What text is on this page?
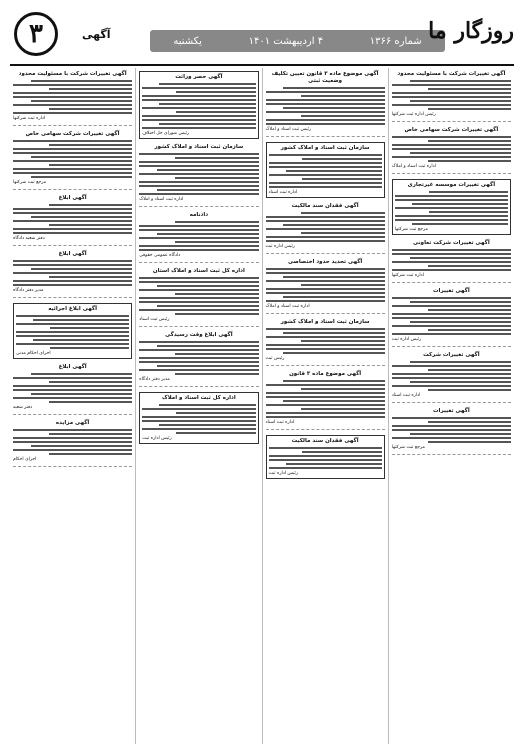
۳	آگهی	شماره ۱۳۶۶
۴ اردیبهشت ۱۴۰۱
یکشنبه	روزگار ما
آگهی تغییرات شرکت با مسئولیت محدود
رئیس اداره ثبت شرکتها
آگهی تغییرات شرکت سهامی خاص
اداره ثبت اسناد و املاک
آگهی تغییرات موسسه غیرتجاری
مرجع ثبت شرکتها
آگهی تغییرات شرکت تعاونی
اداره ثبت شرکتها
آگهی تغییرات
رئیس اداره ثبت
آگهی تغییرات شرکت
اداره ثبت اسناد
آگهی تغییرات
مرجع ثبت شرکتها
آگهی موضوع ماده ۳ قانون تعیین تکلیف وضعیت ثبتی
رئیس ثبت اسناد و املاک
سازمان ثبت اسناد و املاک کشور
اداره ثبت اسناد
آگهی فقدان سند مالکیت
رئیس اداره ثبت
آگهی تحدید حدود اختصاصی
اداره ثبت اسناد و املاک
سازمان ثبت اسناد و املاک کشور
رئیس ثبت
آگهی موضوع ماده ۳ قانون
اداره ثبت اسناد
آگهی فقدان سند مالکیت
رئیس اداره ثبت
آگهی حصر وراثت
رئیس شورای حل اختلاف
سازمان ثبت اسناد و املاک کشور
اداره ثبت اسناد و املاک
دادنامه
دادگاه عمومی حقوقی
اداره کل ثبت اسناد و املاک استان
رئیس ثبت اسناد
آگهی ابلاغ وقت رسیدگی
مدیر دفتر دادگاه
اداره کل ثبت اسناد و املاک
رئیس اداره ثبت
آگهی تغییرات شرکت با مسئولیت محدود
اداره ثبت شرکتها
آگهی تغییرات شرکت سهامی خاص
مرجع ثبت شرکتها
آگهی ابلاغ
دفتر شعبه دادگاه
آگهی ابلاغ
مدیر دفتر دادگاه
آگهی ابلاغ اجرائیه
اجرای احکام مدنی
آگهی ابلاغ
دفتر شعبه
آگهی مزایده
اجرای احکام
